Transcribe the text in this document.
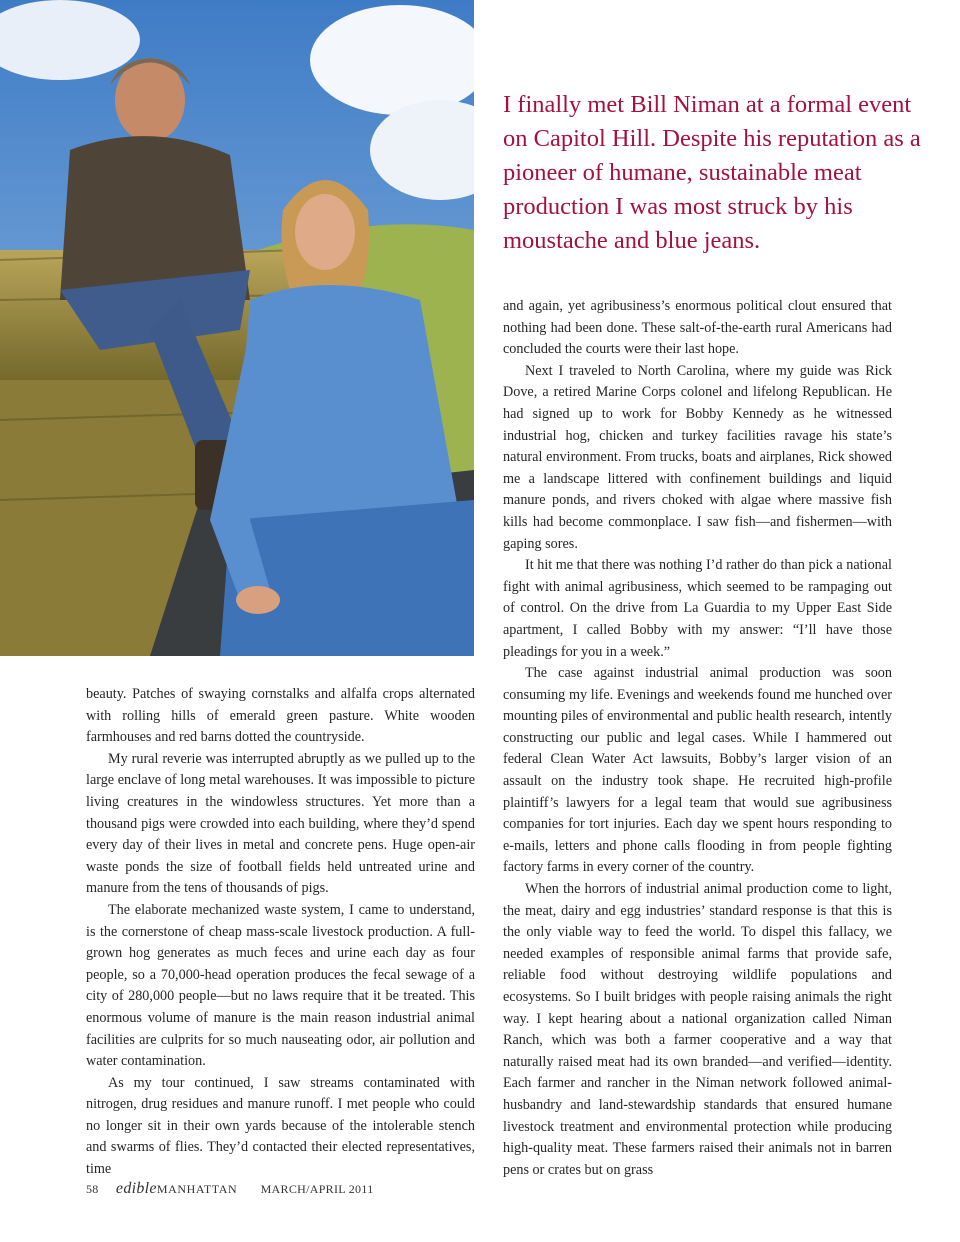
I finally met Bill Niman at a formal event on Capitol Hill. Despite his reputation as a pioneer of humane, sustainable meat production I was most struck by his moustache and blue jeans.

beauty. Patches of swaying cornstalks and alfalfa crops alternated with rolling hills of emerald green pasture. White wooden farmhouses and red barns dotted the countryside.

My rural reverie was interrupted abruptly as we pulled up to the large enclave of long metal warehouses. It was impossible to picture living creatures in the windowless structures. Yet more than a thousand pigs were crowded into each building, where they’d spend every day of their lives in metal and concrete pens. Huge open-air waste ponds the size of football fields held untreated urine and manure from the tens of thousands of pigs.

The elaborate mechanized waste system, I came to understand, is the cornerstone of cheap mass-scale livestock production. A full-grown hog generates as much feces and urine each day as four people, so a 70,000-head operation produces the fecal sewage of a city of 280,000 people—but no laws require that it be treated. This enormous volume of manure is the main reason industrial animal facilities are culprits for so much nauseating odor, air pollution and water contamination.

As my tour continued, I saw streams contaminated with nitrogen, drug residues and manure runoff. I met people who could no longer sit in their own yards because of the intolerable stench and swarms of flies. They’d contacted their elected representatives, time

and again, yet agribusiness’s enormous political clout ensured that nothing had been done. These salt-of-the-earth rural Americans had concluded the courts were their last hope.

Next I traveled to North Carolina, where my guide was Rick Dove, a retired Marine Corps colonel and lifelong Republican. He had signed up to work for Bobby Kennedy as he witnessed industrial hog, chicken and turkey facilities ravage his state’s natural environment. From trucks, boats and airplanes, Rick showed me a landscape littered with confinement buildings and liquid manure ponds, and rivers choked with algae where massive fish kills had become commonplace. I saw fish—and fishermen—with gaping sores.

It hit me that there was nothing I’d rather do than pick a national fight with animal agribusiness, which seemed to be rampaging out of control. On the drive from La Guardia to my Upper East Side apartment, I called Bobby with my answer: “I’ll have those pleadings for you in a week.”

The case against industrial animal production was soon consuming my life. Evenings and weekends found me hunched over mounting piles of environmental and public health research, intently constructing our public and legal cases. While I hammered out federal Clean Water Act lawsuits, Bobby’s larger vision of an assault on the industry took shape. He recruited high-profile plaintiff’s lawyers for a legal team that would sue agribusiness companies for tort injuries. Each day we spent hours responding to e-mails, letters and phone calls flooding in from people fighting factory farms in every corner of the country.

When the horrors of industrial animal production come to light, the meat, dairy and egg industries’ standard response is that this is the only viable way to feed the world. To dispel this fallacy, we needed examples of responsible animal farms that provide safe, reliable food without destroying wildlife populations and ecosystems. So I built bridges with people raising animals the right way. I kept hearing about a national organization called Niman Ranch, which was both a farmer cooperative and a way that naturally raised meat had its own branded—and verified—identity. Each farmer and rancher in the Niman network followed animal-husbandry and land-stewardship standards that ensured humane livestock treatment and environmental protection while producing high-quality meat. These farmers raised their animals not in barren pens or crates but on grass

58 edibleMANHATTAN MARCH/APRIL 2011
